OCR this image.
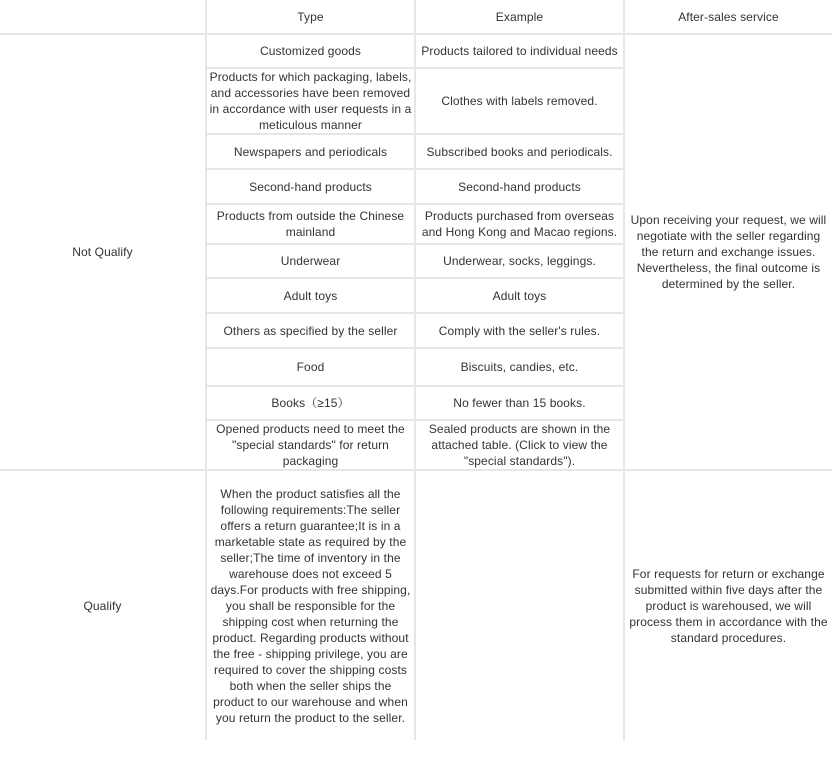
	Type	Example	After-sales service
Not Qualify	Customized goods	Products tailored to individual needs	Upon receiving your request, we will negotiate with the seller regarding the return and exchange issues. Nevertheless, the final outcome is determined by the seller.
	Products for which packaging, labels, and accessories have been removed in accordance with user requests in a meticulous manner	Clothes with labels removed.	
	Newspapers and periodicals	Subscribed books and periodicals.	
	Second-hand products	Second-hand products	
	Products from outside the Chinese mainland	Products purchased from overseas and Hong Kong and Macao regions.	
	Underwear	Underwear, socks, leggings.	
	Adult toys	Adult toys	
	Others as specified by the seller	Comply with the seller's rules.	
	Food	Biscuits, candies, etc.	
	Books（≥15）	No fewer than 15 books.	
	Opened products need to meet the "special standards" for return packaging	Sealed products are shown in the attached table. (Click to view the "special standards").	
Qualify	When the product satisfies all the following requirements:The seller offers a return guarantee;It is in a marketable state as required by the seller;The time of inventory in the warehouse does not exceed 5 days.For products with free shipping, you shall be responsible for the shipping cost when returning the product. Regarding products without the free - shipping privilege, you are required to cover the shipping costs both when the seller ships the product to our warehouse and when you return the product to the seller.		For requests for return or exchange submitted within five days after the product is warehoused, we will process them in accordance with the standard procedures.
